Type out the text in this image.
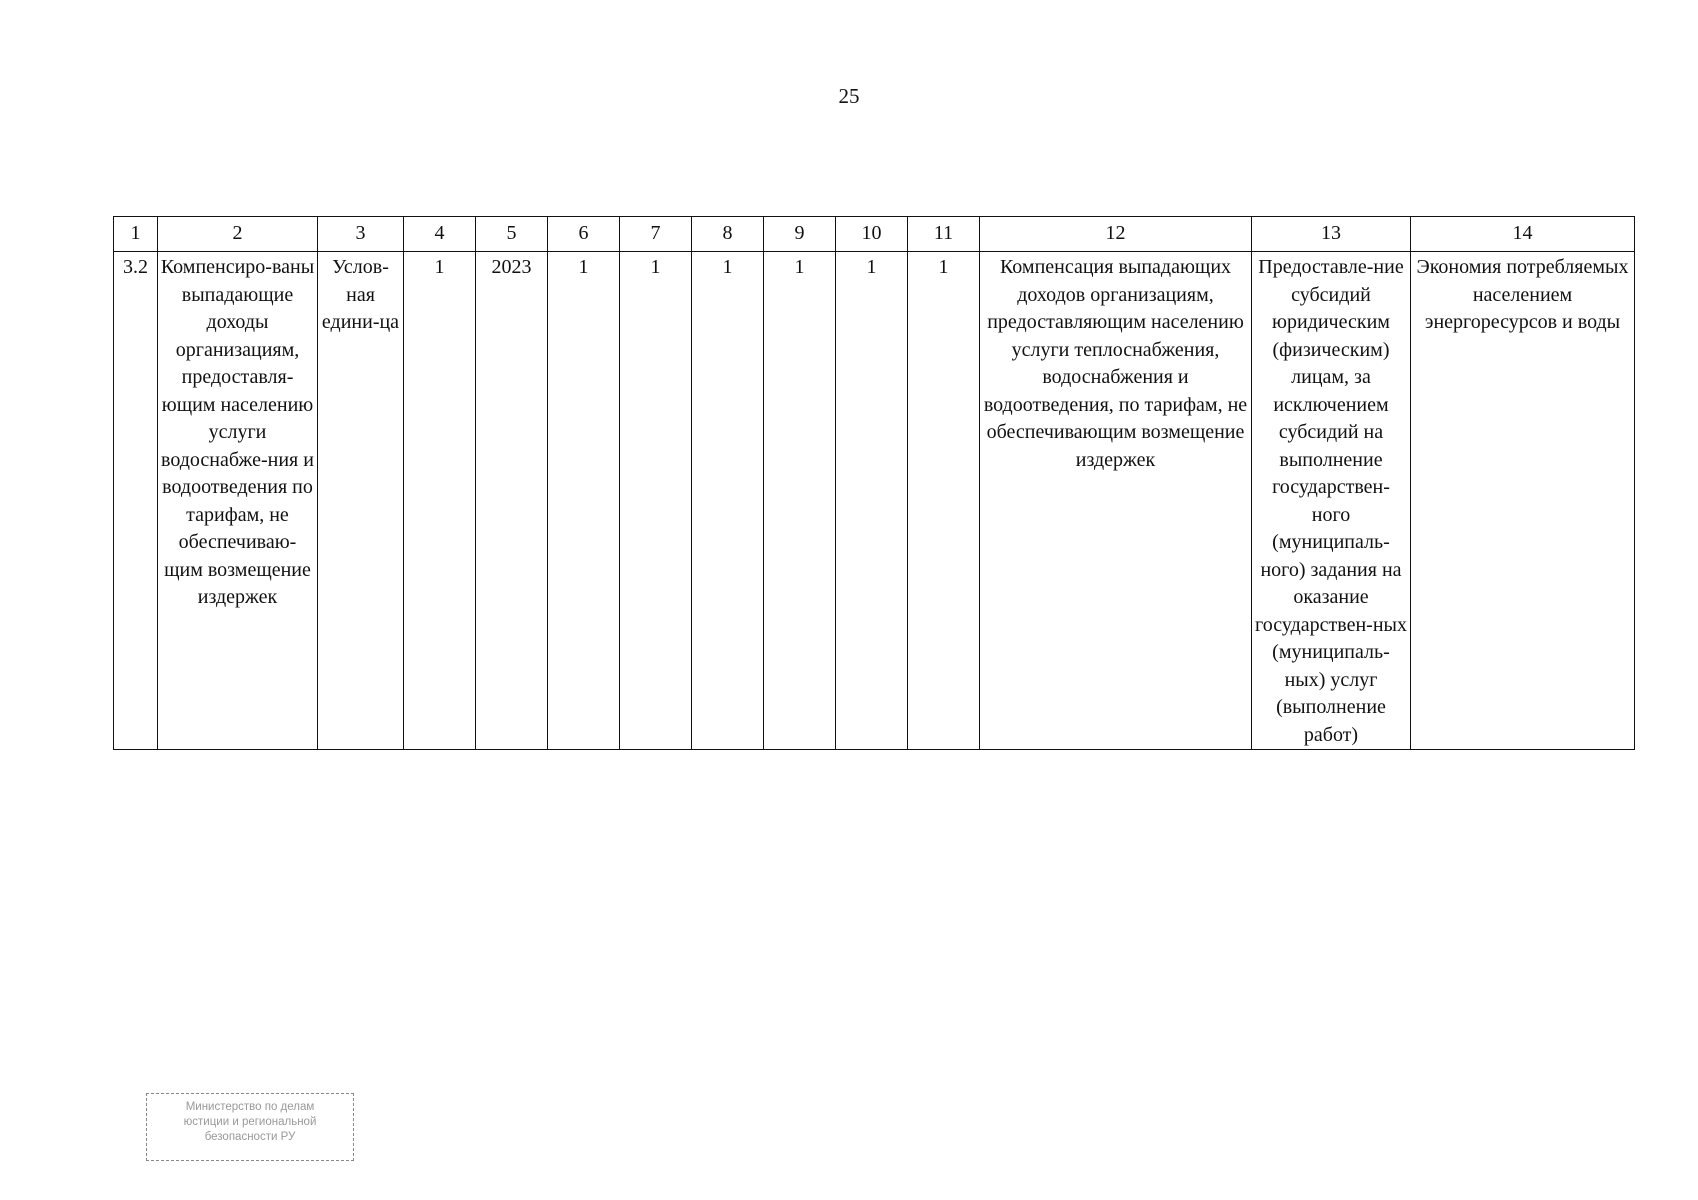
25
1	2	3	4	5	6	7	8	9	10	11	12	13	14
3.2	Компенсиро-ваны выпадающие доходы организациям, предоставля-ющим населению услуги водоснабже-ния и водоотведения по тарифам, не обеспечиваю-щим возмещение издержек	Услов-ная едини-ца	1	2023	1	1	1	1	1	1	Компенсация выпадающих доходов организациям, предоставляющим населению услуги теплоснабжения, водоснабжения и водоотведения, по тарифам, не обеспечивающим возмещение издержек	Предоставле-ние субсидий юридическим (физическим) лицам, за исключением субсидий на выполнение государствен-ного (муниципаль-ного) задания на оказание государствен-ных (муниципаль-ных) услуг (выполнение работ)	Экономия потребляемых населением энергоресурсов и воды
Министерство по делам
юстиции и региональной
безопасности РУ
